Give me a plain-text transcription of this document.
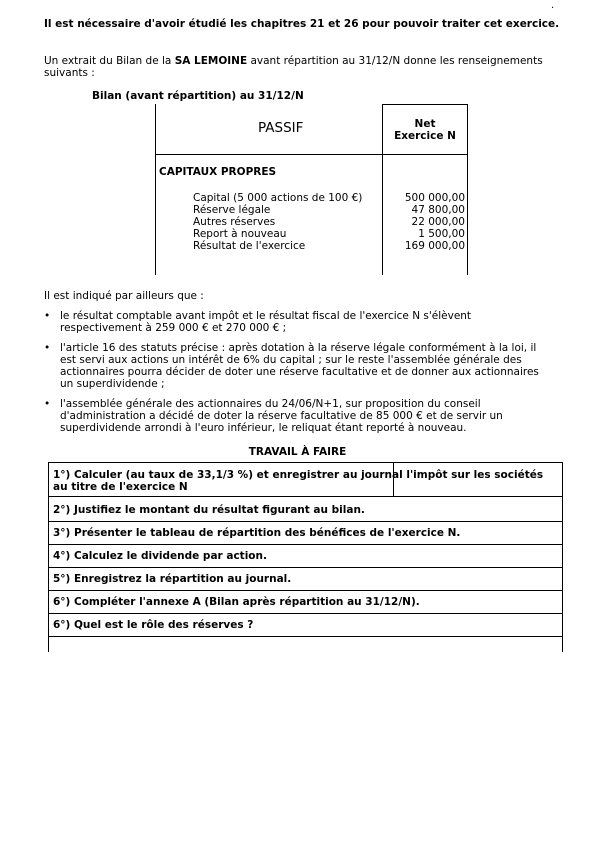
.
Il est nécessaire d'avoir étudié les chapitres 21 et 26 pour pouvoir traiter cet exercice.
Un extrait du Bilan de la SA LEMOINE avant répartition au 31/12/N donne les renseignements
suivants :
Bilan (avant répartition) au 31/12/N
PASSIF	Net
Exercice N
CAPITAUX PROPRES
Capital (5 000 actions de 100 €)	500 000,00
Réserve légale	47 800,00
Autres réserves	22 000,00
Report à nouveau	1 500,00
Résultat de l'exercice	169 000,00
Il est indiqué par ailleurs que :
• le résultat comptable avant impôt et le résultat fiscal de l'exercice N s'élèvent respectivement à 259 000 € et 270 000 € ;
• l'article 16 des statuts précise : après dotation à la réserve légale conformément à la loi, il est servi aux actions un intérêt de 6% du capital ; sur le reste l'assemblée générale des actionnaires pourra décider de doter une réserve facultative et de donner aux actionnaires un superdividende ;
• l'assemblée générale des actionnaires du 24/06/N+1, sur proposition du conseil d'administration a décidé de doter la réserve facultative de 85 000 € et de servir un superdividende arrondi à l'euro inférieur, le reliquat étant reporté à nouveau.
TRAVAIL À FAIRE
1°) Calculer (au taux de 33,1/3 %) et enregistrer au journal l'impôt sur les sociétés au titre de l'exercice N
2°) Justifiez le montant du résultat figurant au bilan.
3°) Présenter le tableau de répartition des bénéfices de l'exercice N.
4°) Calculez le dividende par action.
5°) Enregistrez la répartition au journal.
6°) Compléter l'annexe A (Bilan après répartition au 31/12/N).
6°) Quel est le rôle des réserves ?
